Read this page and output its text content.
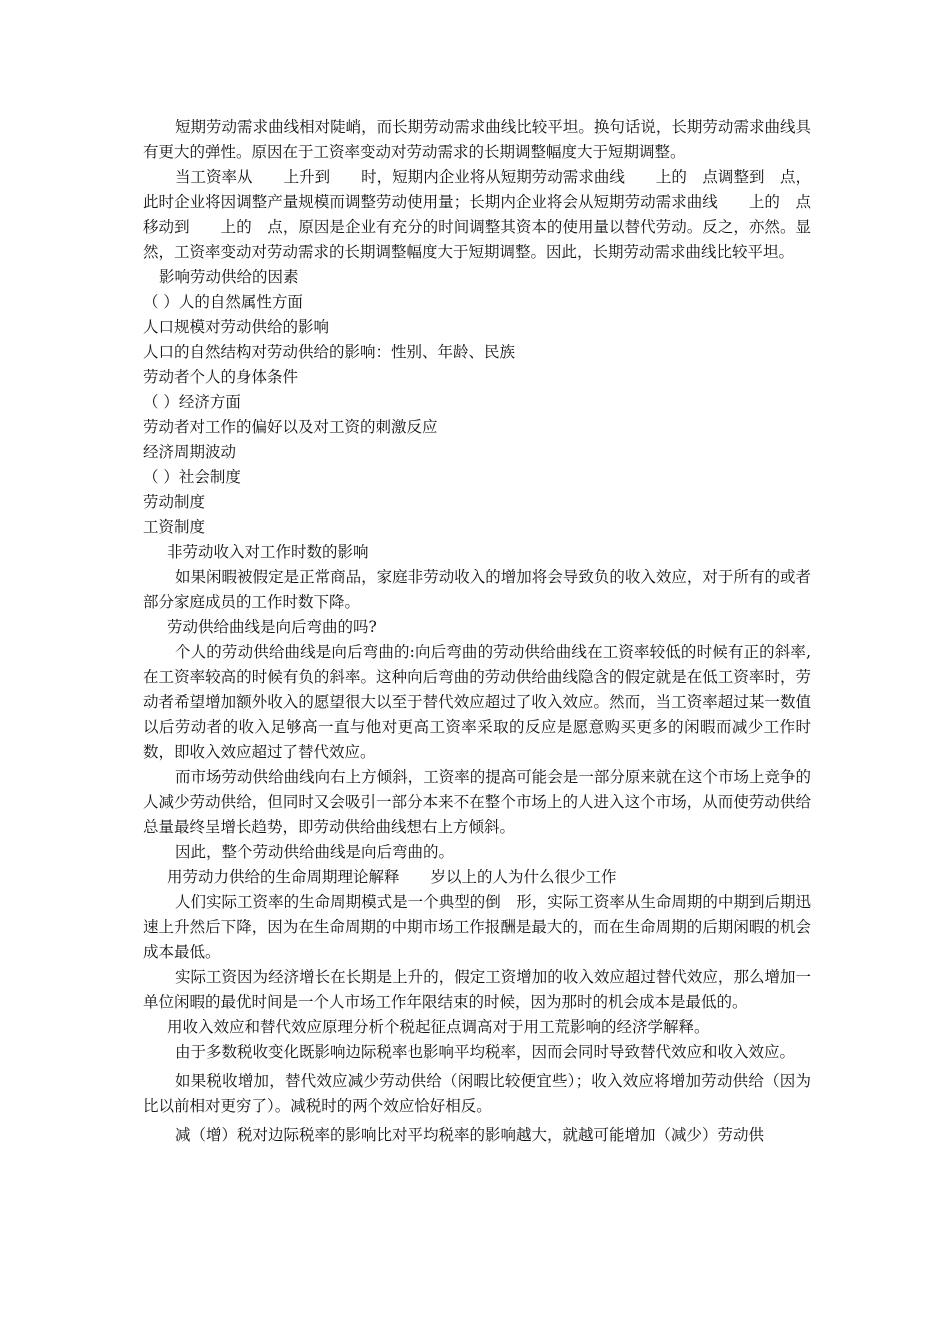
短期劳动需求曲线相对陡峭，而长期劳动需求曲线比较平坦。换句话说，长期劳动需求曲线具有更大的弹性。原因在于工资率变动对劳动需求的长期调整幅度大于短期调整。

当工资率从　　上升到　　时，短期内企业将从短期劳动需求曲线　　上的　点调整到　点，此时企业将因调整产量规模而调整劳动使用量；长期内企业将会从短期劳动需求曲线　　上的　点移动到　　上的　点，原因是企业有充分的时间调整其资本的使用量以替代劳动。反之，亦然。显然，工资率变动对劳动需求的长期调整幅度大于短期调整。因此，长期劳动需求曲线比较平坦。

影响劳动供给的因素

（ ）人的自然属性方面

人口规模对劳动供给的影响

人口的自然结构对劳动供给的影响：性别、年龄、民族

劳动者个人的身体条件

（ ）经济方面

劳动者对工作的偏好以及对工资的刺激反应

经济周期波动

（ ）社会制度

劳动制度

工资制度

非劳动收入对工作时数的影响

如果闲暇被假定是正常商品，家庭非劳动收入的增加将会导致负的收入效应，对于所有的或者部分家庭成员的工作时数下降。

劳动供给曲线是向后弯曲的吗?

个人的劳动供给曲线是向后弯曲的:向后弯曲的劳动供给曲线在工资率较低的时候有正的斜率,在工资率较高的时候有负的斜率。这种向后弯曲的劳动供给曲线隐含的假定就是在低工资率时，劳动者希望增加额外收入的愿望很大以至于替代效应超过了收入效应。然而，当工资率超过某一数值以后劳动者的收入足够高一直与他对更高工资率采取的反应是愿意购买更多的闲暇而减少工作时数，即收入效应超过了替代效应。

而市场劳动供给曲线向右上方倾斜，工资率的提高可能会是一部分原来就在这个市场上竞争的人减少劳动供给，但同时又会吸引一部分本来不在整个市场上的人进入这个市场，从而使劳动供给总量最终呈增长趋势，即劳动供给曲线想右上方倾斜。

因此，整个劳动供给曲线是向后弯曲的。

用劳动力供给的生命周期理论解释　　岁以上的人为什么很少工作

人们实际工资率的生命周期模式是一个典型的倒　形，实际工资率从生命周期的中期到后期迅速上升然后下降，因为在生命周期的中期市场工作报酬是最大的，而在生命周期的后期闲暇的机会成本最低。

实际工资因为经济增长在长期是上升的，假定工资增加的收入效应超过替代效应，那么增加一单位闲暇的最优时间是一个人市场工作年限结束的时候，因为那时的机会成本是最低的。

用收入效应和替代效应原理分析个税起征点调高对于用工荒影响的经济学解释。

由于多数税收变化既影响边际税率也影响平均税率，因而会同时导致替代效应和收入效应。

如果税收增加，替代效应减少劳动供给（闲暇比较便宜些）；收入效应将增加劳动供给（因为比以前相对更穷了）。减税时的两个效应恰好相反。

减（增）税对边际税率的影响比对平均税率的影响越大，就越可能增加（减少）劳动供
